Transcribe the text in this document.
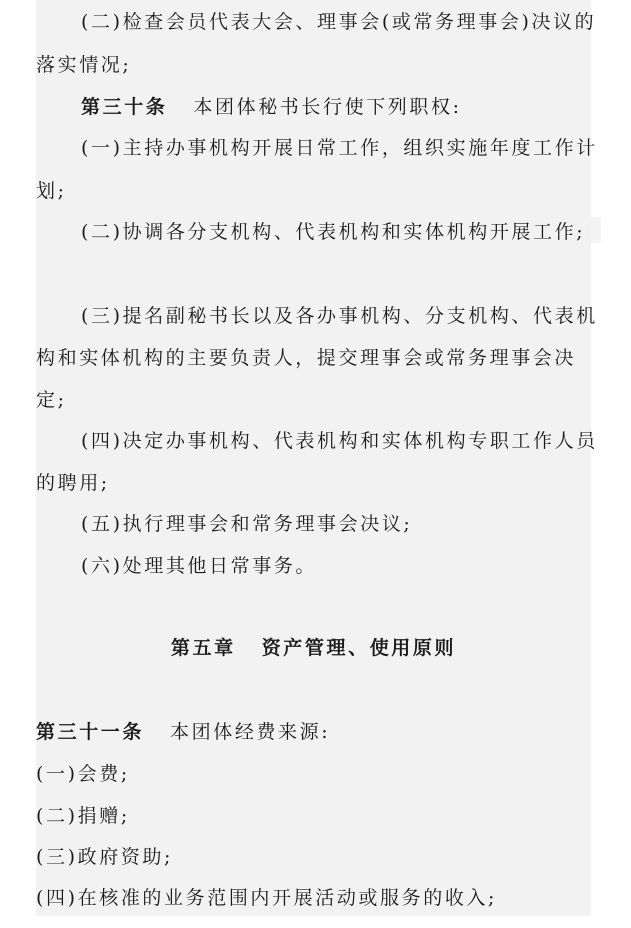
(二)检查会员代表大会、理事会(或常务理事会)决议的
落实情况;
第三十条 本团体秘书长行使下列职权:
(一)主持办事机构开展日常工作，组织实施年度工作计
划;
(二)协调各分支机构、代表机构和实体机构开展工作;
(三)提名副秘书长以及各办事机构、分支机构、代表机
构和实体机构的主要负责人，提交理事会或常务理事会决
定;
(四)决定办事机构、代表机构和实体机构专职工作人员
的聘用;
(五)执行理事会和常务理事会决议;
(六)处理其他日常事务。
第五章 资产管理、使用原则
第三十一条 本团体经费来源:
(一)会费;
(二)捐赠;
(三)政府资助;
(四)在核准的业务范围内开展活动或服务的收入;
